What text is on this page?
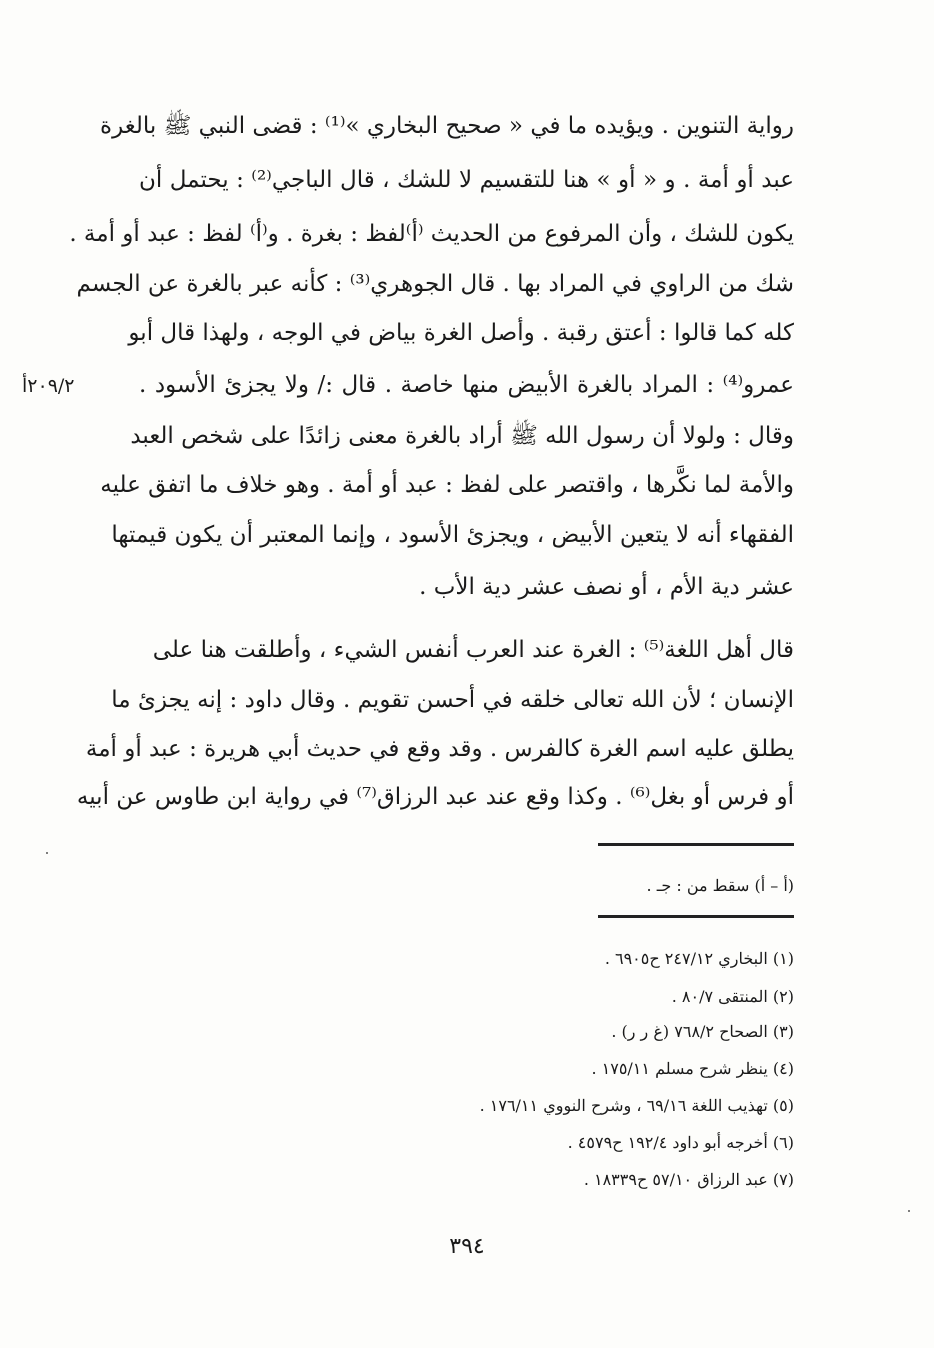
رواية التنوين . ويؤيده ما في « صحيح البخاري »⁽¹⁾ : قضى النبي ﷺ بالغرة
عبد أو أمة . و « أو » هنا للتقسيم لا للشك ، قال الباجي⁽²⁾ : يحتمل أن
يكون للشك ، وأن المرفوع من الحديث ⁽أ⁾لفظ : بغرة . و⁽أ⁾ لفظ : عبد أو أمة .
شك من الراوي في المراد بها . قال الجوهري⁽³⁾ : كأنه عبر بالغرة عن الجسم
كله كما قالوا : أعتق رقبة . وأصل الغرة بياض في الوجه ، ولهذا قال أبو
عمرو⁽⁴⁾ : المراد بالغرة الأبيض منها خاصة . قال :/ ولا يجزئ الأسود .
وقال : ولولا أن رسول الله ﷺ أراد بالغرة معنى زائدًا على شخص العبد
والأمة لما نكَّرها ، واقتصر على لفظ : عبد أو أمة . وهو خلاف ما اتفق عليه
الفقهاء أنه لا يتعين الأبيض ، ويجزئ الأسود ، وإنما المعتبر أن يكون قيمتها
عشر دية الأم ، أو نصف عشر دية الأب .
قال أهل اللغة⁽⁵⁾ : الغرة عند العرب أنفس الشيء ، وأطلقت هنا على
الإنسان ؛ لأن الله تعالى خلقه في أحسن تقويم . وقال داود : إنه يجزئ ما
يطلق عليه اسم الغرة كالفرس . وقد وقع في حديث أبي هريرة : عبد أو أمة
أو فرس أو بغل⁽⁶⁾ . وكذا وقع عند عبد الرزاق⁽⁷⁾ في رواية ابن طاوس عن أبيه
٢٠٩/٢أ
(أ – أ) سقط من : جـ .
(١) البخاري ٢٤٧/١٢ ح٦٩٠٥ .
(٢) المنتقى ٨٠/٧ .
(٣) الصحاح ٧٦٨/٢ (غ ر ر) .
(٤) ينظر شرح مسلم ١٧٥/١١ .
(٥) تهذيب اللغة ٦٩/١٦ ، وشرح النووي ١٧٦/١١ .
(٦) أخرجه أبو داود ١٩٢/٤ ح٤٥٧٩ .
(٧) عبد الرزاق ٥٧/١٠ ح١٨٣٣٩ .
٣٩٤
